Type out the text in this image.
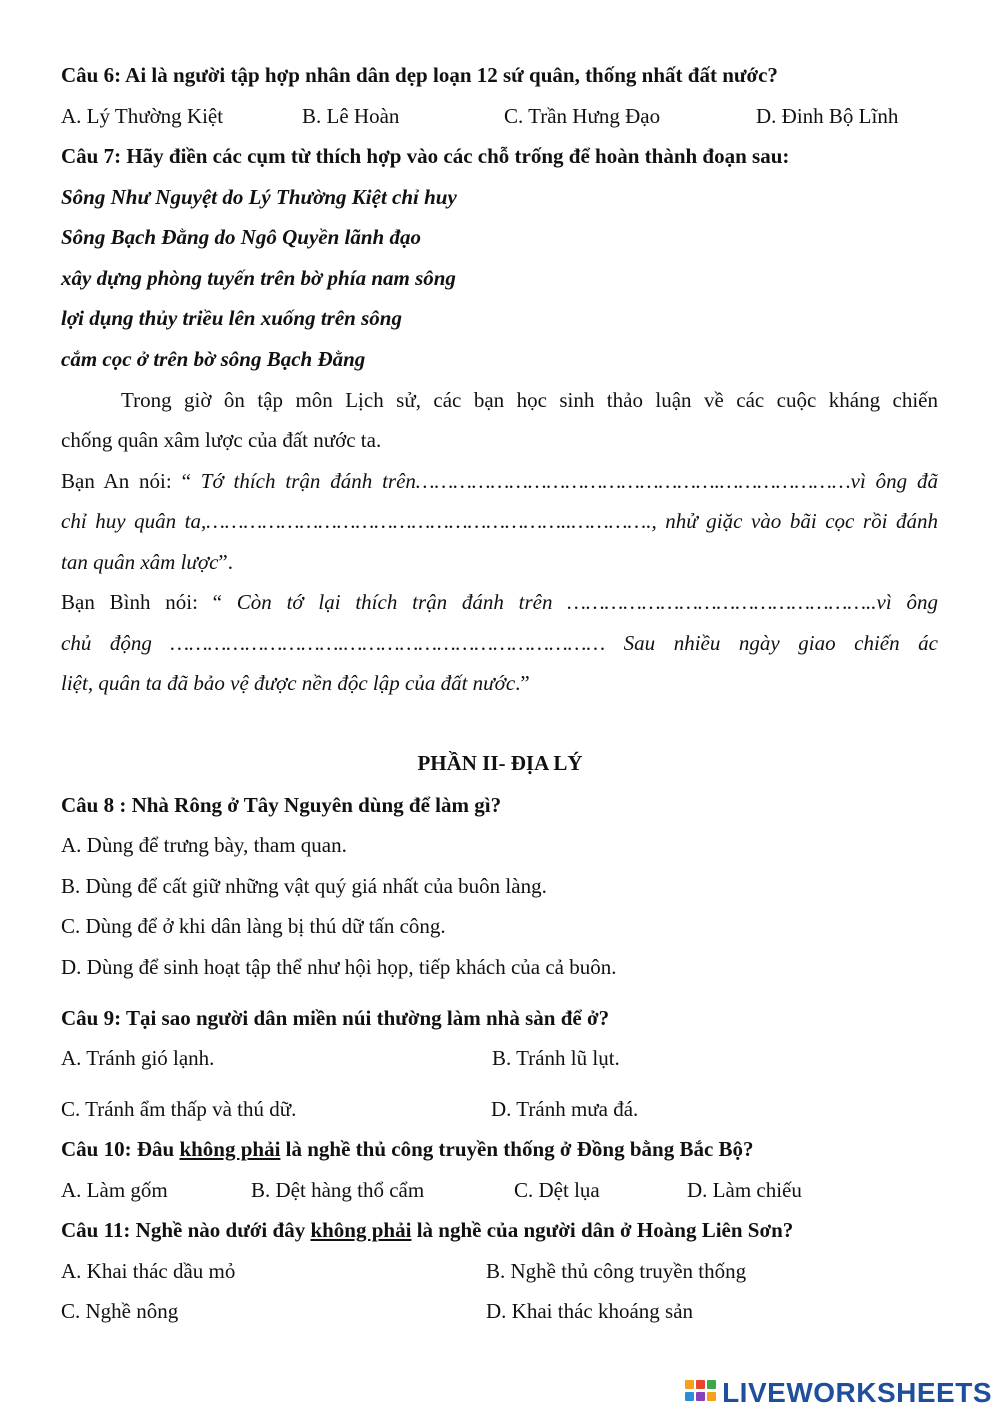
Câu 6: Ai là người tập hợp nhân dân dẹp loạn 12 sứ quân, thống nhất đất nước?
A. Lý Thường Kiệt	B. Lê Hoàn	C. Trần Hưng Đạo	D. Đinh Bộ Lĩnh
Câu 7: Hãy điền các cụm từ thích hợp vào các chỗ trống để hoàn thành đoạn sau:
Sông Như Nguyệt do Lý Thường Kiệt chỉ huy
Sông Bạch Đằng do Ngô Quyền lãnh đạo
xây dựng phòng tuyến trên bờ phía nam sông
lợi dụng thủy triều lên xuống trên sông
cắm cọc ở trên bờ sông Bạch Đằng
Trong giờ ôn tập môn Lịch sử, các bạn học sinh thảo luận về các cuộc kháng chiến
chống quân xâm lược của đất nước ta.
Bạn An nói: “ Tớ thích trận đánh trên………………………………………….…………………vì ông đã
chỉ huy quân ta,…………………………………………………..…………., nhử giặc vào bãi cọc rồi đánh
tan quân xâm lược”.
Bạn Bình nói: “ Còn tớ lại thích trận đánh trên …………………………………………..vì ông
chủ động ……………………….…………………………………… Sau nhiều ngày giao chiến ác
liệt, quân ta đã bảo vệ được nền độc lập của đất nước.”
PHẦN II- ĐỊA LÝ
Câu 8 : Nhà Rông ở Tây Nguyên dùng để làm gì?
A. Dùng để trưng bày, tham quan.
B. Dùng để cất giữ những vật quý giá nhất của buôn làng.
C. Dùng để ở khi dân làng bị thú dữ tấn công.
D. Dùng để sinh hoạt tập thể như hội họp, tiếp khách của cả buôn.
Câu 9: Tại sao người dân miền núi thường làm nhà sàn để ở?
A. Tránh gió lạnh.	B. Tránh lũ lụt.
C. Tránh ẩm thấp và thú dữ.	D. Tránh mưa đá.
Câu 10: Đâu không phải là nghề thủ công truyền thống ở Đồng bằng Bắc Bộ?
A. Làm gốm	B. Dệt hàng thổ cẩm	C. Dệt lụa	D. Làm chiếu
Câu 11: Nghề nào dưới đây không phải là nghề của người dân ở Hoàng Liên Sơn?
A. Khai thác dầu mỏ	B. Nghề thủ công truyền thống
C. Nghề nông	D. Khai thác khoáng sản
LIVEWORKSHEETS
